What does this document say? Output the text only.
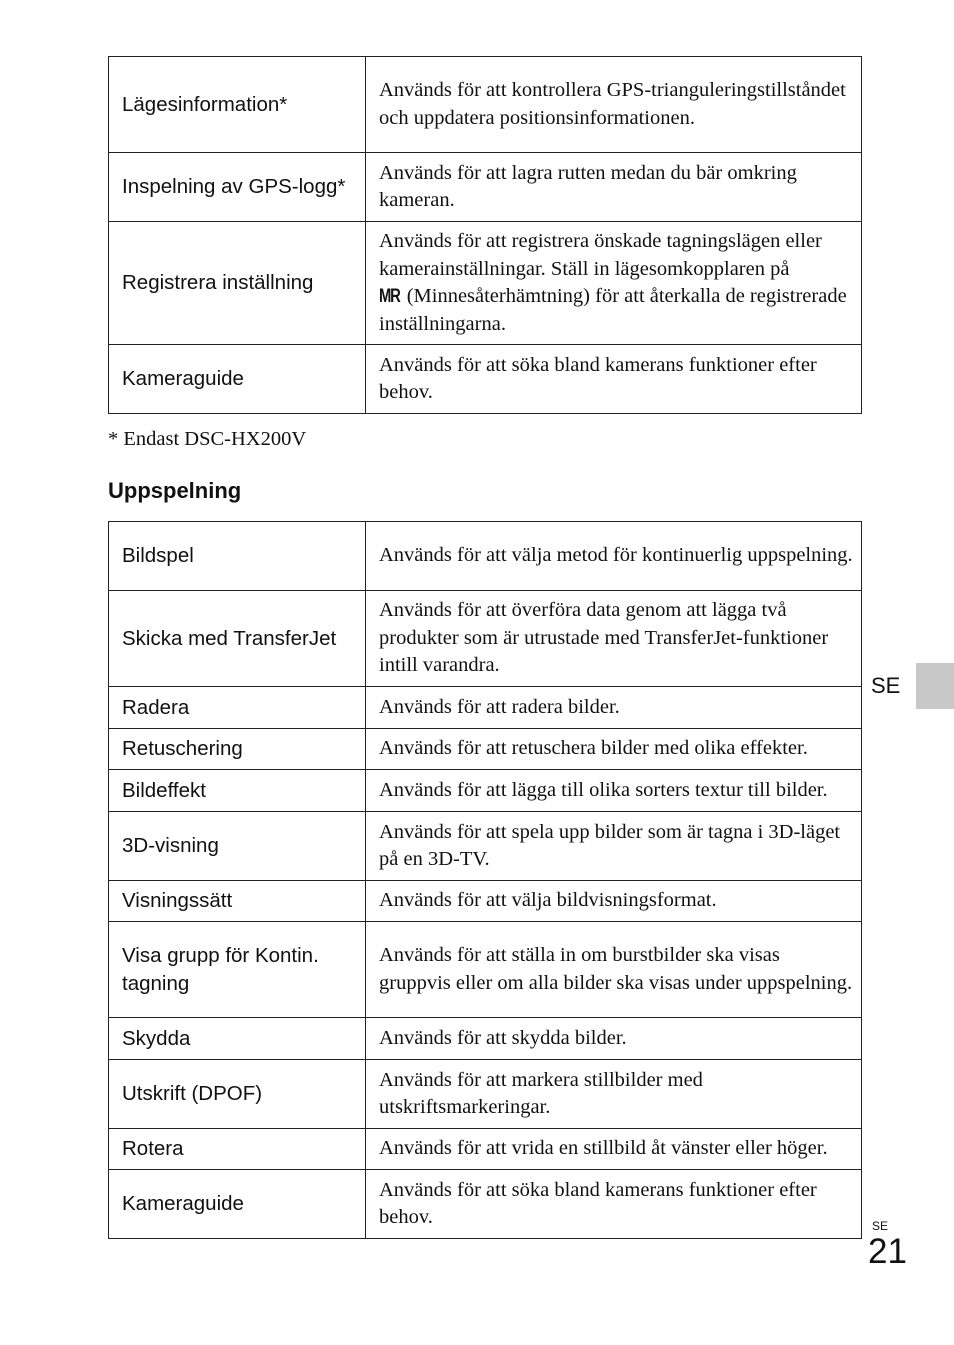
Lägesinformation*	Används för att kontrollera GPS-trianguleringstillståndet och uppdatera positionsinformationen.
Inspelning av GPS-logg*	Används för att lagra rutten medan du bär omkring kameran.
Registrera inställning	Används för att registrera önskade tagningslägen eller kamerainställningar. Ställ in lägesomkopplaren på
MR (Minnesåterhämtning) för att återkalla de registrerade inställningarna.
Kameraguide	Används för att söka bland kamerans funktioner efter behov.
* Endast DSC-HX200V
Uppspelning
Bildspel	Används för att välja metod för kontinuerlig uppspelning.
Skicka med TransferJet	Används för att överföra data genom att lägga två produkter som är utrustade med TransferJet-funktioner intill varandra.
Radera	Används för att radera bilder.
Retuschering	Används för att retuschera bilder med olika effekter.
Bildeffekt	Används för att lägga till olika sorters textur till bilder.
3D-visning	Används för att spela upp bilder som är tagna i 3D-läget på en 3D-TV.
Visningssätt	Används för att välja bildvisningsformat.
Visa grupp för Kontin. tagning	Används för att ställa in om burstbilder ska visas gruppvis eller om alla bilder ska visas under uppspelning.
Skydda	Används för att skydda bilder.
Utskrift (DPOF)	Används för att markera stillbilder med utskriftsmarkeringar.
Rotera	Används för att vrida en stillbild åt vänster eller höger.
Kameraguide	Används för att söka bland kamerans funktioner efter behov.
SE
SE
21
